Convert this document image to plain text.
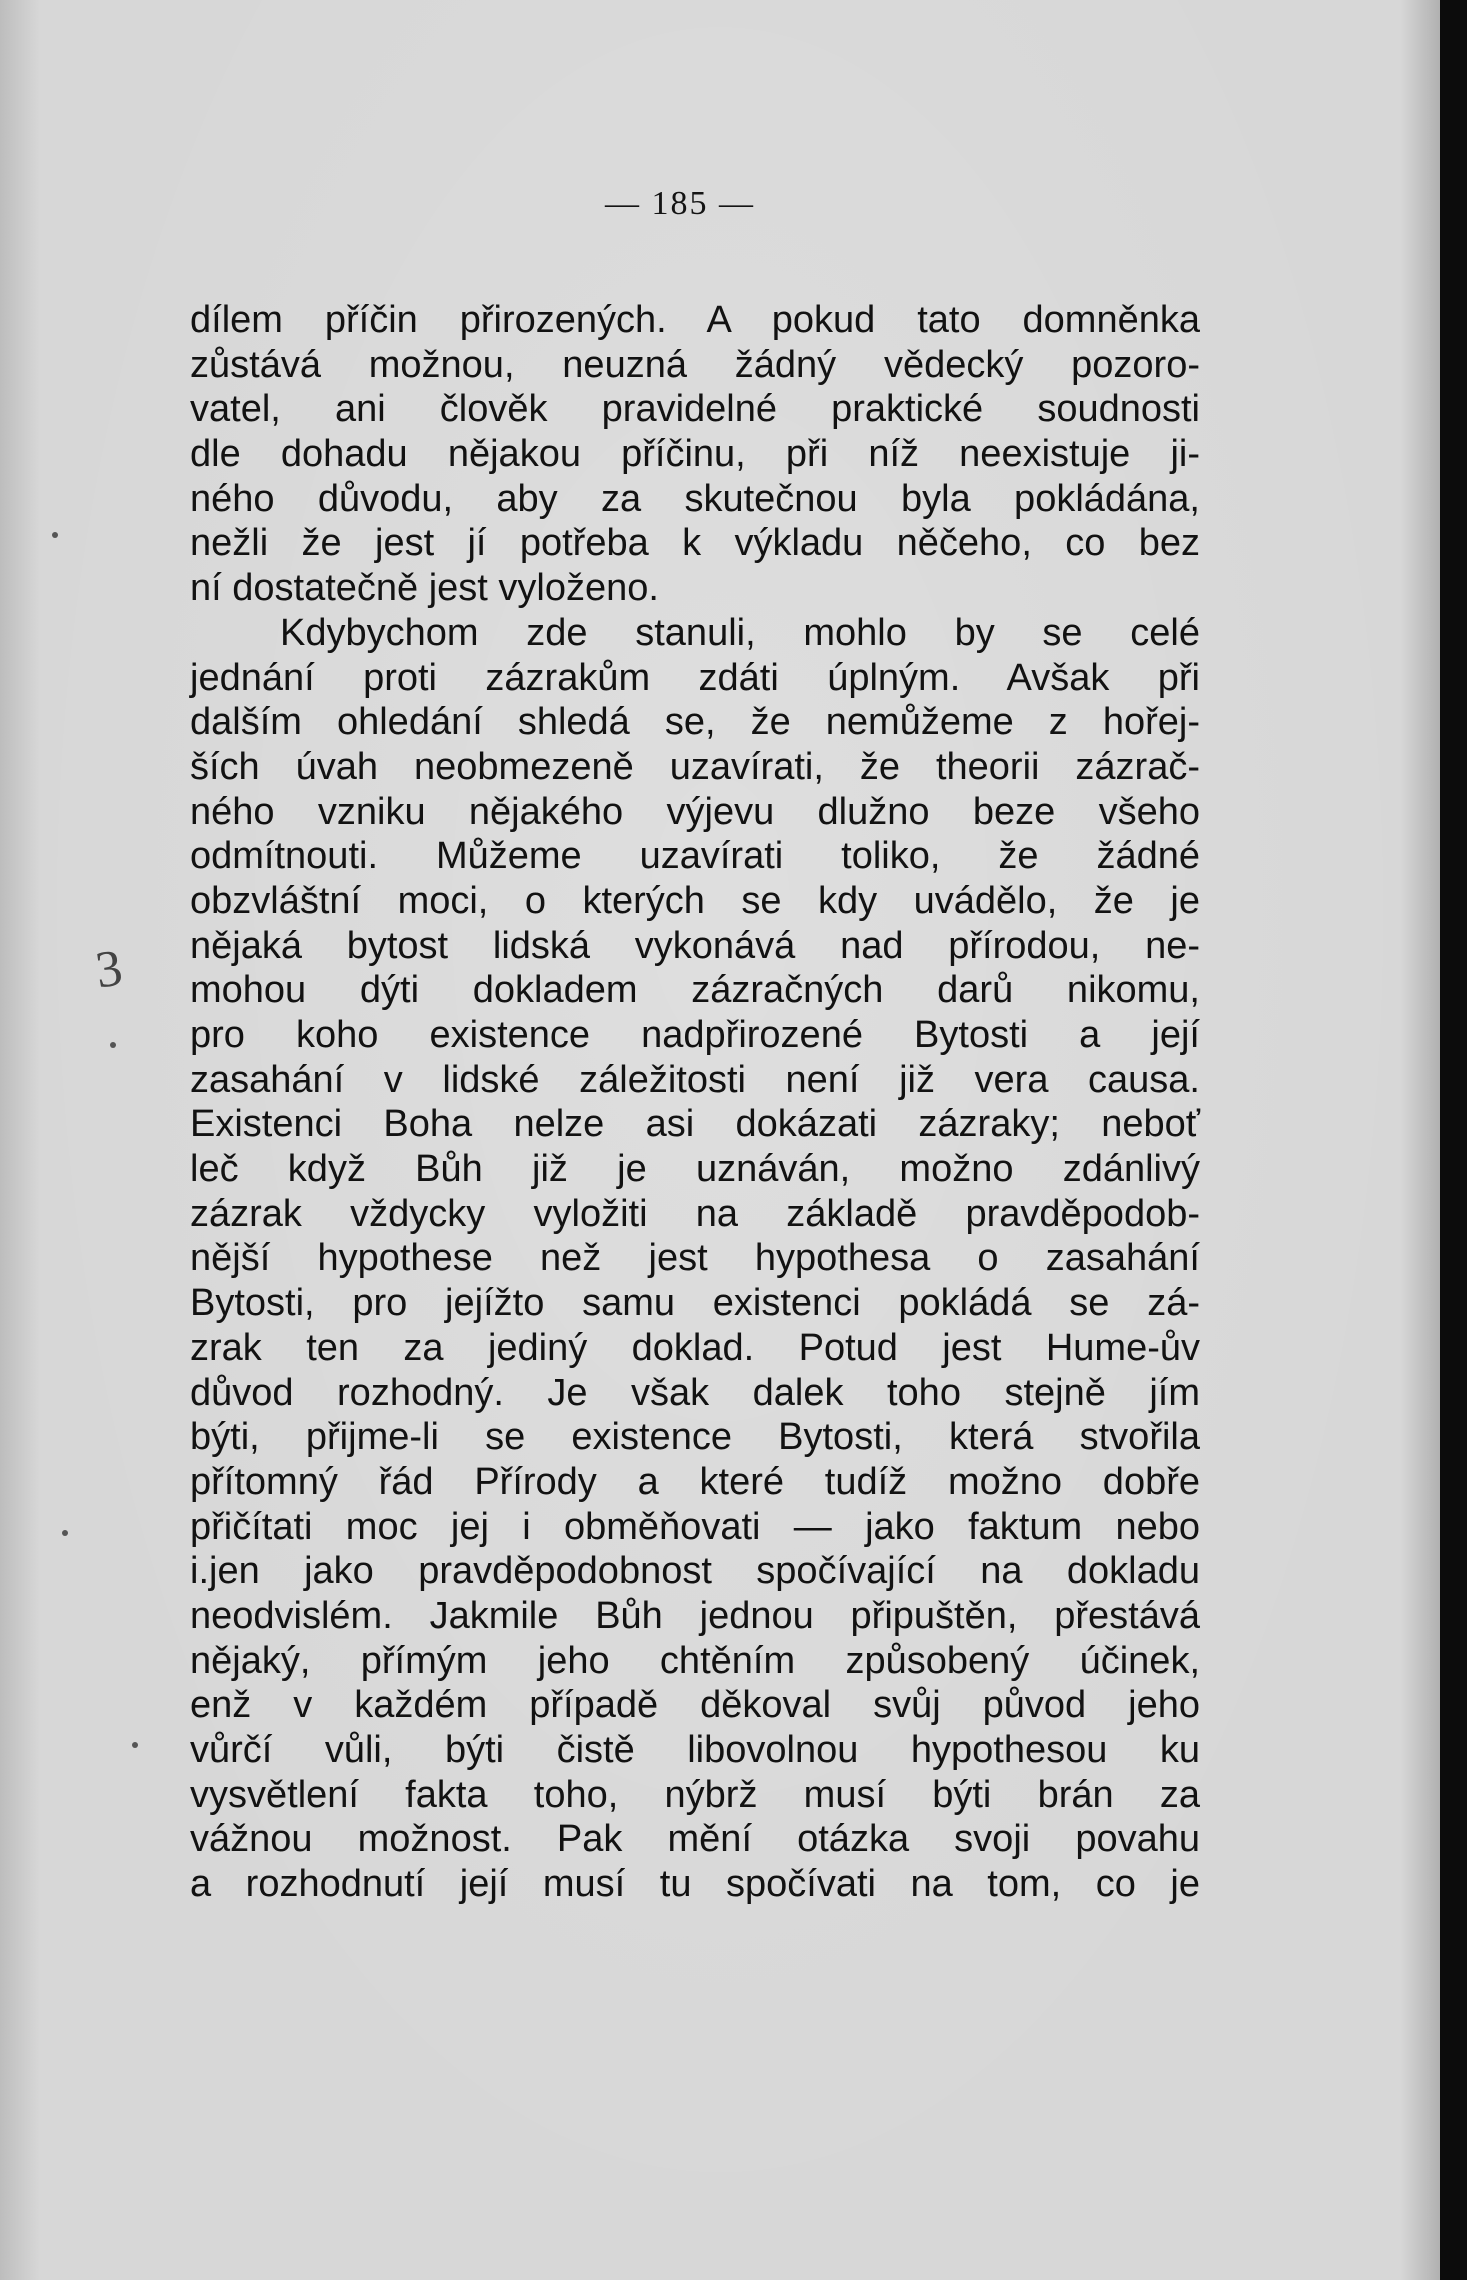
— 185 —
3
dílem příčin přirozených. A pokud tato domněnka
zůstává možnou, neuzná žádný vědecký pozoro-
vatel, ani člověk pravidelné praktické soudnosti
dle dohadu nějakou příčinu, při níž neexistuje ji-
ného důvodu, aby za skutečnou byla pokládána,
nežli že jest jí potřeba k výkladu něčeho, co bez
ní dostatečně jest vyloženo.
Kdybychom zde stanuli, mohlo by se celé
jednání proti zázrakům zdáti úplným. Avšak při
dalším ohledání shledá se, že nemůžeme z hořej-
ších úvah neobmezeně uzavírati, že theorii zázrač-
ného vzniku nějakého výjevu dlužno beze všeho
odmítnouti. Můžeme uzavírati toliko, že žádné
obzvláštní moci, o kterých se kdy uvádělo, že je
nějaká bytost lidská vykonává nad přírodou, ne-
mohou dýti dokladem zázračných darů nikomu,
pro koho existence nadpřirozené Bytosti a její
zasahání v lidské záležitosti není již vera causa.
Existenci Boha nelze asi dokázati zázraky; neboť
leč když Bůh již je uznáván, možno zdánlivý
zázrak vždycky vyložiti na základě pravděpodob-
nější hypothese než jest hypothesa o zasahání
Bytosti, pro jejížto samu existenci pokládá se zá-
zrak ten za jediný doklad. Potud jest Hume-ův
důvod rozhodný. Je však dalek toho stejně jím
býti, přijme-li se existence Bytosti, která stvořila
přítomný řád Přírody a které tudíž možno dobře
přičítati moc jej i obměňovati — jako faktum nebo
i.jen jako pravděpodobnost spočívající na dokladu
neodvislém. Jakmile Bůh jednou připuštěn, přestává
nějaký, přímým jeho chtěním způsobený účinek,
enž v každém případě děkoval svůj původ jeho
vůrčí vůli, býti čistě libovolnou hypothesou ku
vysvětlení fakta toho, nýbrž musí býti brán za
vážnou možnost. Pak mění otázka svoji povahu
a rozhodnutí její musí tu spočívati na tom, co je
